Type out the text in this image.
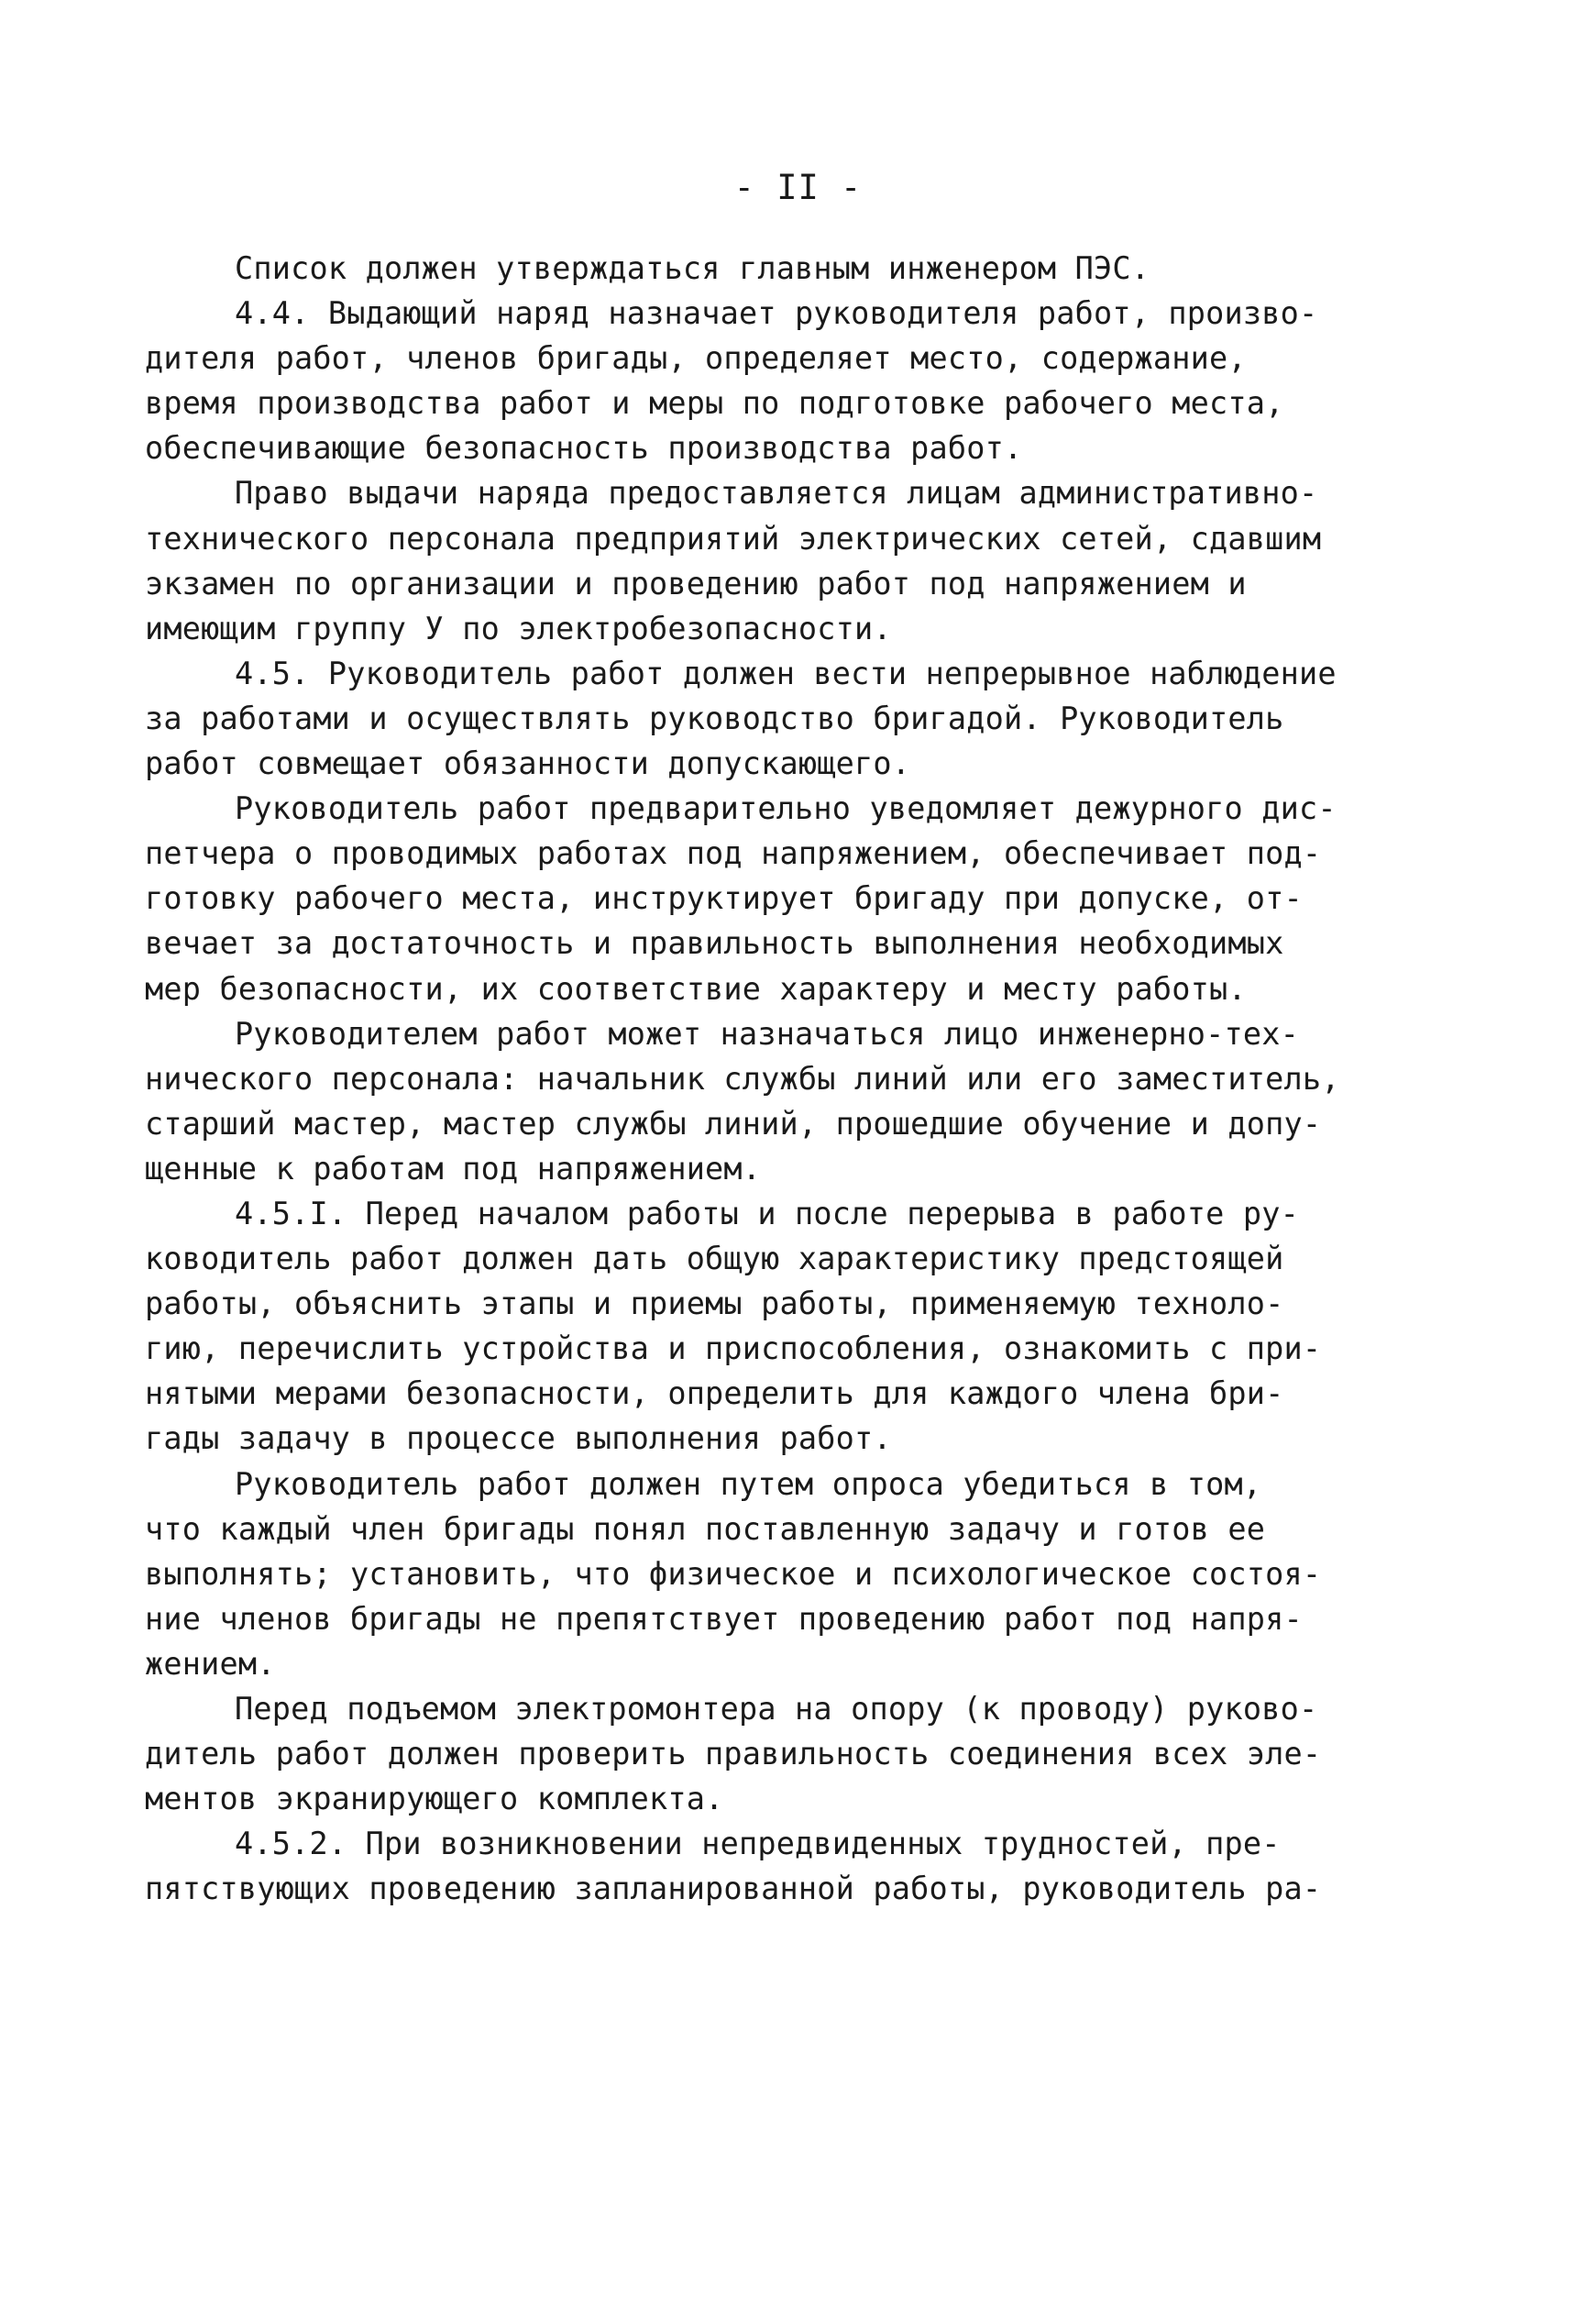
- II -
Список должен утверждаться главным инженером ПЭС.
4.4. Выдающий наряд назначает руководителя работ, произво-
дителя работ, членов бригады, определяет место, содержание,
время производства работ и меры по подготовке рабочего места,
обеспечивающие безопасность производства работ.
Право выдачи наряда предоставляется лицам административно-
технического персонала предприятий электрических сетей, сдавшим
экзамен по организации и проведению работ под напряжением и
имеющим группу У по электробезопасности.
4.5. Руководитель работ должен вести непрерывное наблюдение
за работами и осуществлять руководство бригадой. Руководитель
работ совмещает обязанности допускающего.
Руководитель работ предварительно уведомляет дежурного дис-
петчера о проводимых работах под напряжением, обеспечивает под-
готовку рабочего места, инструктирует бригаду при допуске, от-
вечает за достаточность и правильность выполнения необходимых
мер безопасности, их соответствие характеру и месту работы.
Руководителем работ может назначаться лицо инженерно-тех-
нического персонала: начальник службы линий или его заместитель,
старший мастер, мастер службы линий, прошедшие обучение и допу-
щенные к работам под напряжением.
4.5.I. Перед началом работы и после перерыва в работе ру-
ководитель работ должен дать общую характеристику предстоящей
работы, объяснить этапы и приемы работы, применяемую техноло-
гию, перечислить устройства и приспособления, ознакомить с при-
нятыми мерами безопасности, определить для каждого члена бри-
гады задачу в процессе выполнения работ.
Руководитель работ должен путем опроса убедиться в том,
что каждый член бригады понял поставленную задачу и готов ее
выполнять; установить, что физическое и психологическое состоя-
ние членов бригады не препятствует проведению работ под напря-
жением.
Перед подъемом электромонтера на опору (к проводу) руково-
дитель работ должен проверить правильность соединения всех эле-
ментов экранирующего комплекта.
4.5.2. При возникновении непредвиденных трудностей, пре-
пятствующих проведению запланированной работы, руководитель ра-
